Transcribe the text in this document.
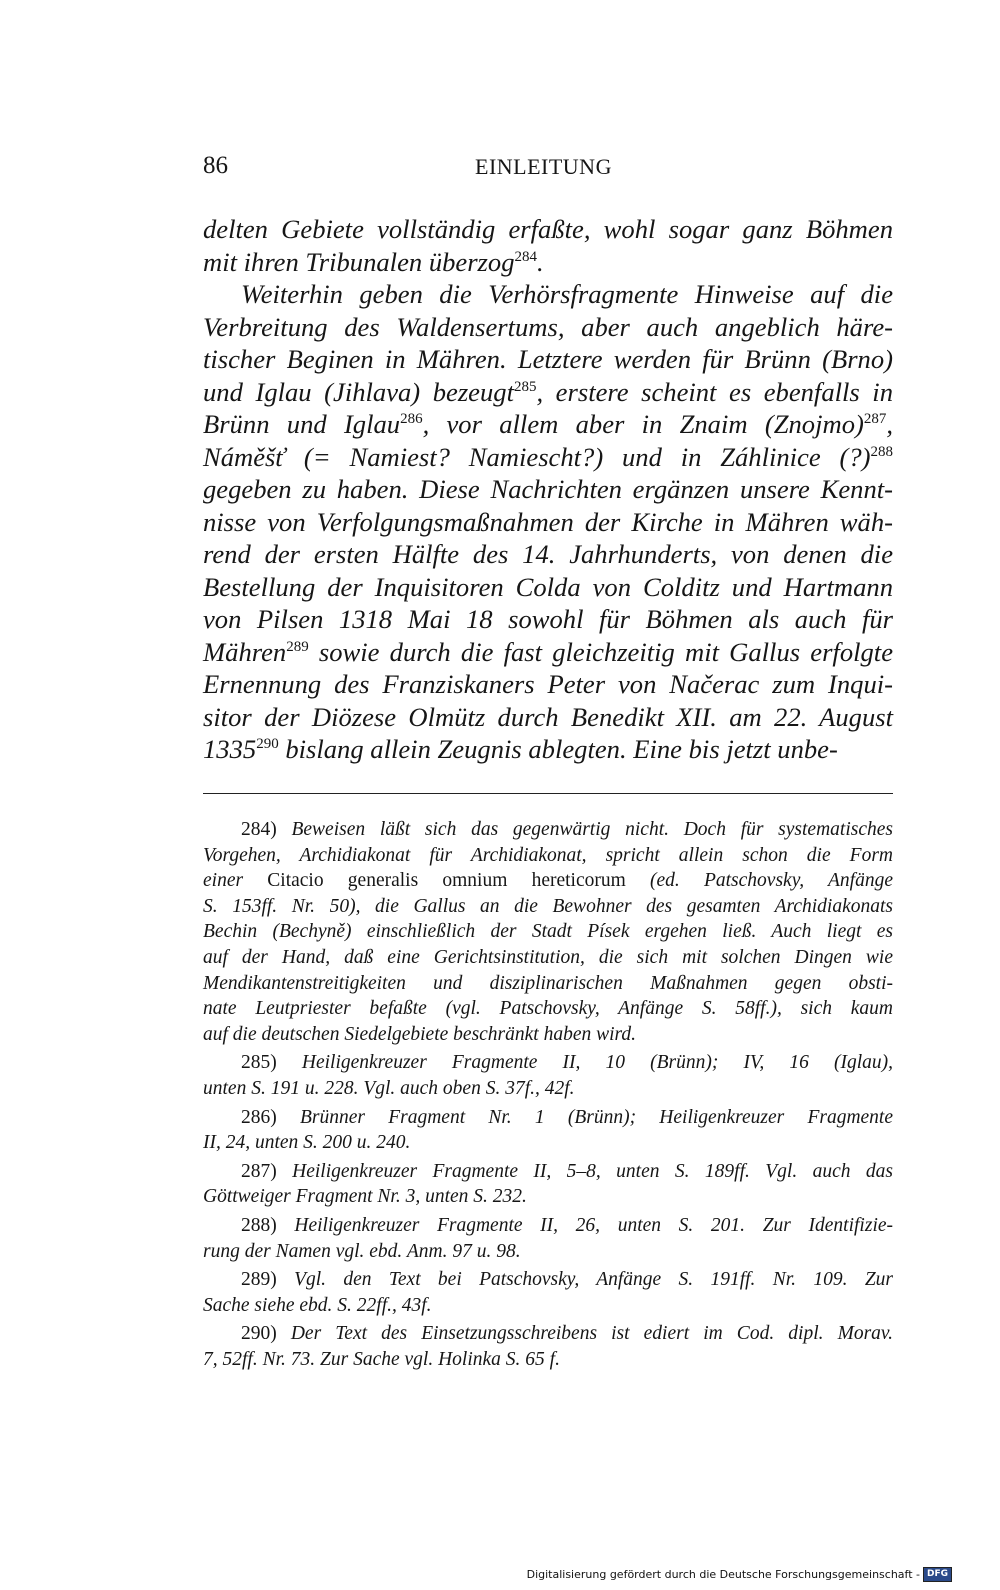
86	EINLEITUNG
delten Gebiete vollständig erfaßte, wohl sogar ganz Böhmen
mit ihren Tribunalen überzog$^{284}$.
Weiterhin geben die Verhörsfragmente Hinweise auf die
Verbreitung des Waldensertums, aber auch angeblich häre-
tischer Beginen in Mähren. Letztere werden für Brünn (Brno)
und Iglau (Jihlava) bezeugt$^{285}$, erstere scheint es ebenfalls in
Brünn und Iglau$^{286}$, vor allem aber in Znaim (Znojmo)$^{287}$,
Náměšť (= Namiest? Namiescht?) und in Záhlinice (?)$^{288}$
gegeben zu haben. Diese Nachrichten ergänzen unsere Kennt-
nisse von Verfolgungsmaßnahmen der Kirche in Mähren wäh-
rend der ersten Hälfte des 14. Jahrhunderts, von denen die
Bestellung der Inquisitoren Colda von Colditz und Hartmann
von Pilsen 1318 Mai 18 sowohl für Böhmen als auch für
Mähren$^{289}$ sowie durch die fast gleichzeitig mit Gallus erfolgte
Ernennung des Franziskaners Peter von Načerac zum Inqui-
sitor der Diözese Olmütz durch Benedikt XII. am 22. August
1335$^{290}$ bislang allein Zeugnis ablegten. Eine bis jetzt unbe-
284) Beweisen läßt sich das gegenwärtig nicht. Doch für systematisches
Vorgehen, Archidiakonat für Archidiakonat, spricht allein schon die Form
einer Citacio generalis omnium hereticorum (ed. Patschovsky, Anfänge
S. 153ff. Nr. 50), die Gallus an die Bewohner des gesamten Archidiakonats
Bechin (Bechyně) einschließlich der Stadt Písek ergehen ließ. Auch liegt es
auf der Hand, daß eine Gerichtsinstitution, die sich mit solchen Dingen wie
Mendikantenstreitigkeiten und disziplinarischen Maßnahmen gegen obsti-
nate Leutpriester befaßte (vgl. Patschovsky, Anfänge S. 58ff.), sich kaum
auf die deutschen Siedelgebiete beschränkt haben wird.
285) Heiligenkreuzer Fragmente II, 10 (Brünn); IV, 16 (Iglau),
unten S. 191 u. 228. Vgl. auch oben S. 37f., 42f.
286) Brünner Fragment Nr. 1 (Brünn); Heiligenkreuzer Fragmente
II, 24, unten S. 200 u. 240.
287) Heiligenkreuzer Fragmente II, 5–8, unten S. 189ff. Vgl. auch das
Göttweiger Fragment Nr. 3, unten S. 232.
288) Heiligenkreuzer Fragmente II, 26, unten S. 201. Zur Identifizie-
rung der Namen vgl. ebd. Anm. 97 u. 98.
289) Vgl. den Text bei Patschovsky, Anfänge S. 191ff. Nr. 109. Zur
Sache siehe ebd. S. 22ff., 43f.
290) Der Text des Einsetzungsschreibens ist ediert im Cod. dipl. Morav.
7, 52ff. Nr. 73. Zur Sache vgl. Holinka S. 65 f.
Digitalisierung gefördert durch die Deutsche Forschungsgemeinschaft - DFG
